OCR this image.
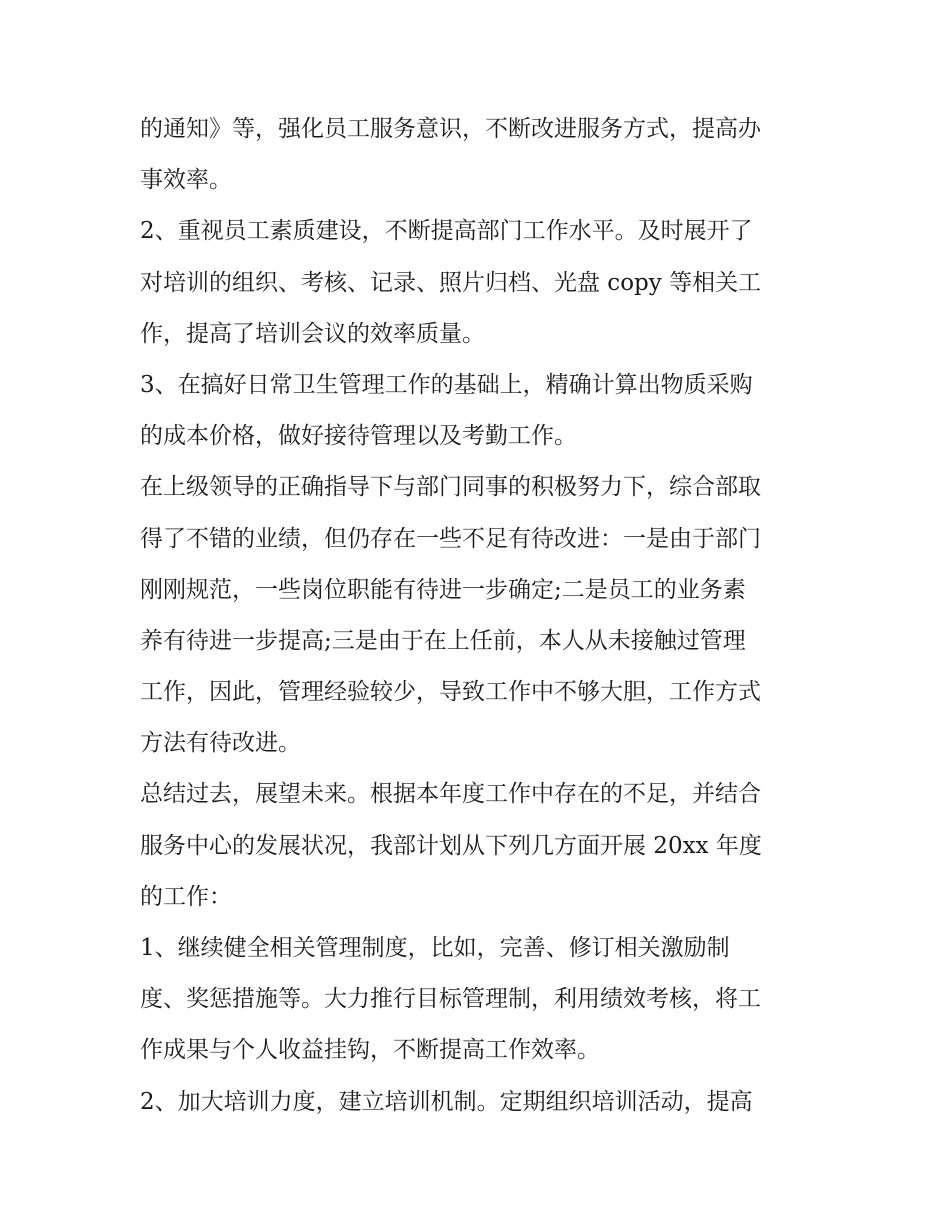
的通知》等，强化员工服务意识，不断改进服务方式，提高办
事效率。
2、重视员工素质建设，不断提高部门工作水平。及时展开了
对培训的组织、考核、记录、照片归档、光盘 copy 等相关工
作，提高了培训会议的效率质量。
3、在搞好日常卫生管理工作的基础上，精确计算出物质采购
的成本价格，做好接待管理以及考勤工作。
在上级领导的正确指导下与部门同事的积极努力下，综合部取
得了不错的业绩，但仍存在一些不足有待改进：一是由于部门
刚刚规范，一些岗位职能有待进一步确定;二是员工的业务素
养有待进一步提高;三是由于在上任前，本人从未接触过管理
工作，因此，管理经验较少，导致工作中不够大胆，工作方式
方法有待改进。
总结过去，展望未来。根据本年度工作中存在的不足，并结合
服务中心的发展状况，我部计划从下列几方面开展 20xx 年度
的工作：
1、继续健全相关管理制度，比如，完善、修订相关激励制
度、奖惩措施等。大力推行目标管理制，利用绩效考核，将工
作成果与个人收益挂钩，不断提高工作效率。
2、加大培训力度，建立培训机制。定期组织培训活动，提高
